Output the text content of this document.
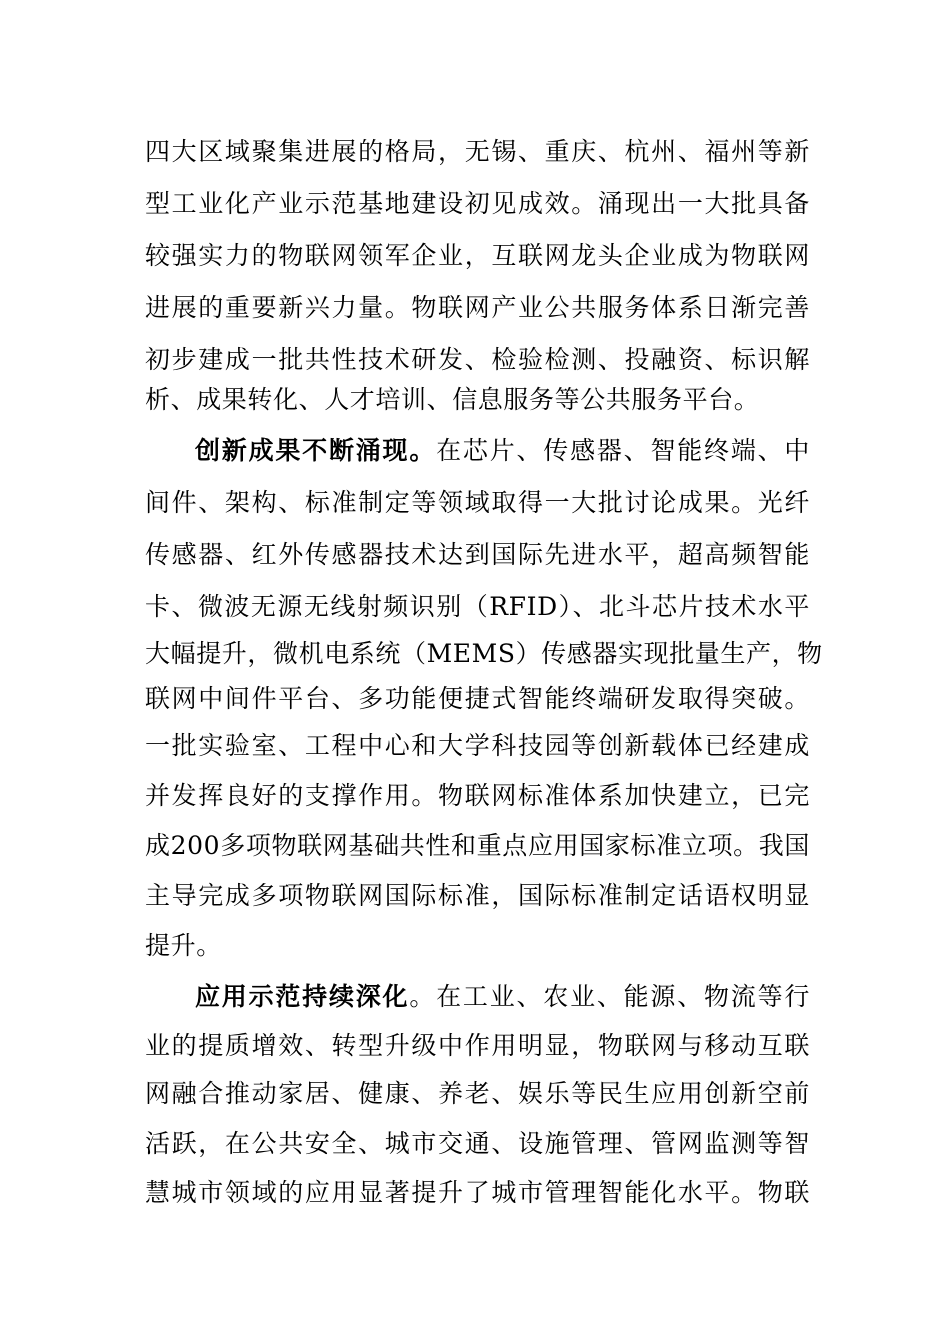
四大区域聚集进展的格局，无锡、重庆、杭州、福州等新
型工业化产业示范基地建设初见成效。涌现出一大批具备
较强实力的物联网领军企业，互联网龙头企业成为物联网
进展的重要新兴力量。物联网产业公共服务体系日渐完善
初步建成一批共性技术研发、检验检测、投融资、标识解
析、成果转化、人才培训、信息服务等公共服务平台。
创新成果不断涌现。在芯片、传感器、智能终端、中
间件、架构、标准制定等领域取得一大批讨论成果。光纤
传感器、红外传感器技术达到国际先进水平，超高频智能
卡、微波无源无线射频识别（RFID）、北斗芯片技术水平
大幅提升，微机电系统（MEMS）传感器实现批量生产，物
联网中间件平台、多功能便捷式智能终端研发取得突破。
一批实验室、工程中心和大学科技园等创新载体已经建成
并发挥良好的支撑作用。物联网标准体系加快建立，已完
成200多项物联网基础共性和重点应用国家标准立项。我国
主导完成多项物联网国际标准，国际标准制定话语权明显
提升。
应用示范持续深化。在工业、农业、能源、物流等行
业的提质增效、转型升级中作用明显，物联网与移动互联
网融合推动家居、健康、养老、娱乐等民生应用创新空前
活跃，在公共安全、城市交通、设施管理、管网监测等智
慧城市领域的应用显著提升了城市管理智能化水平。物联
